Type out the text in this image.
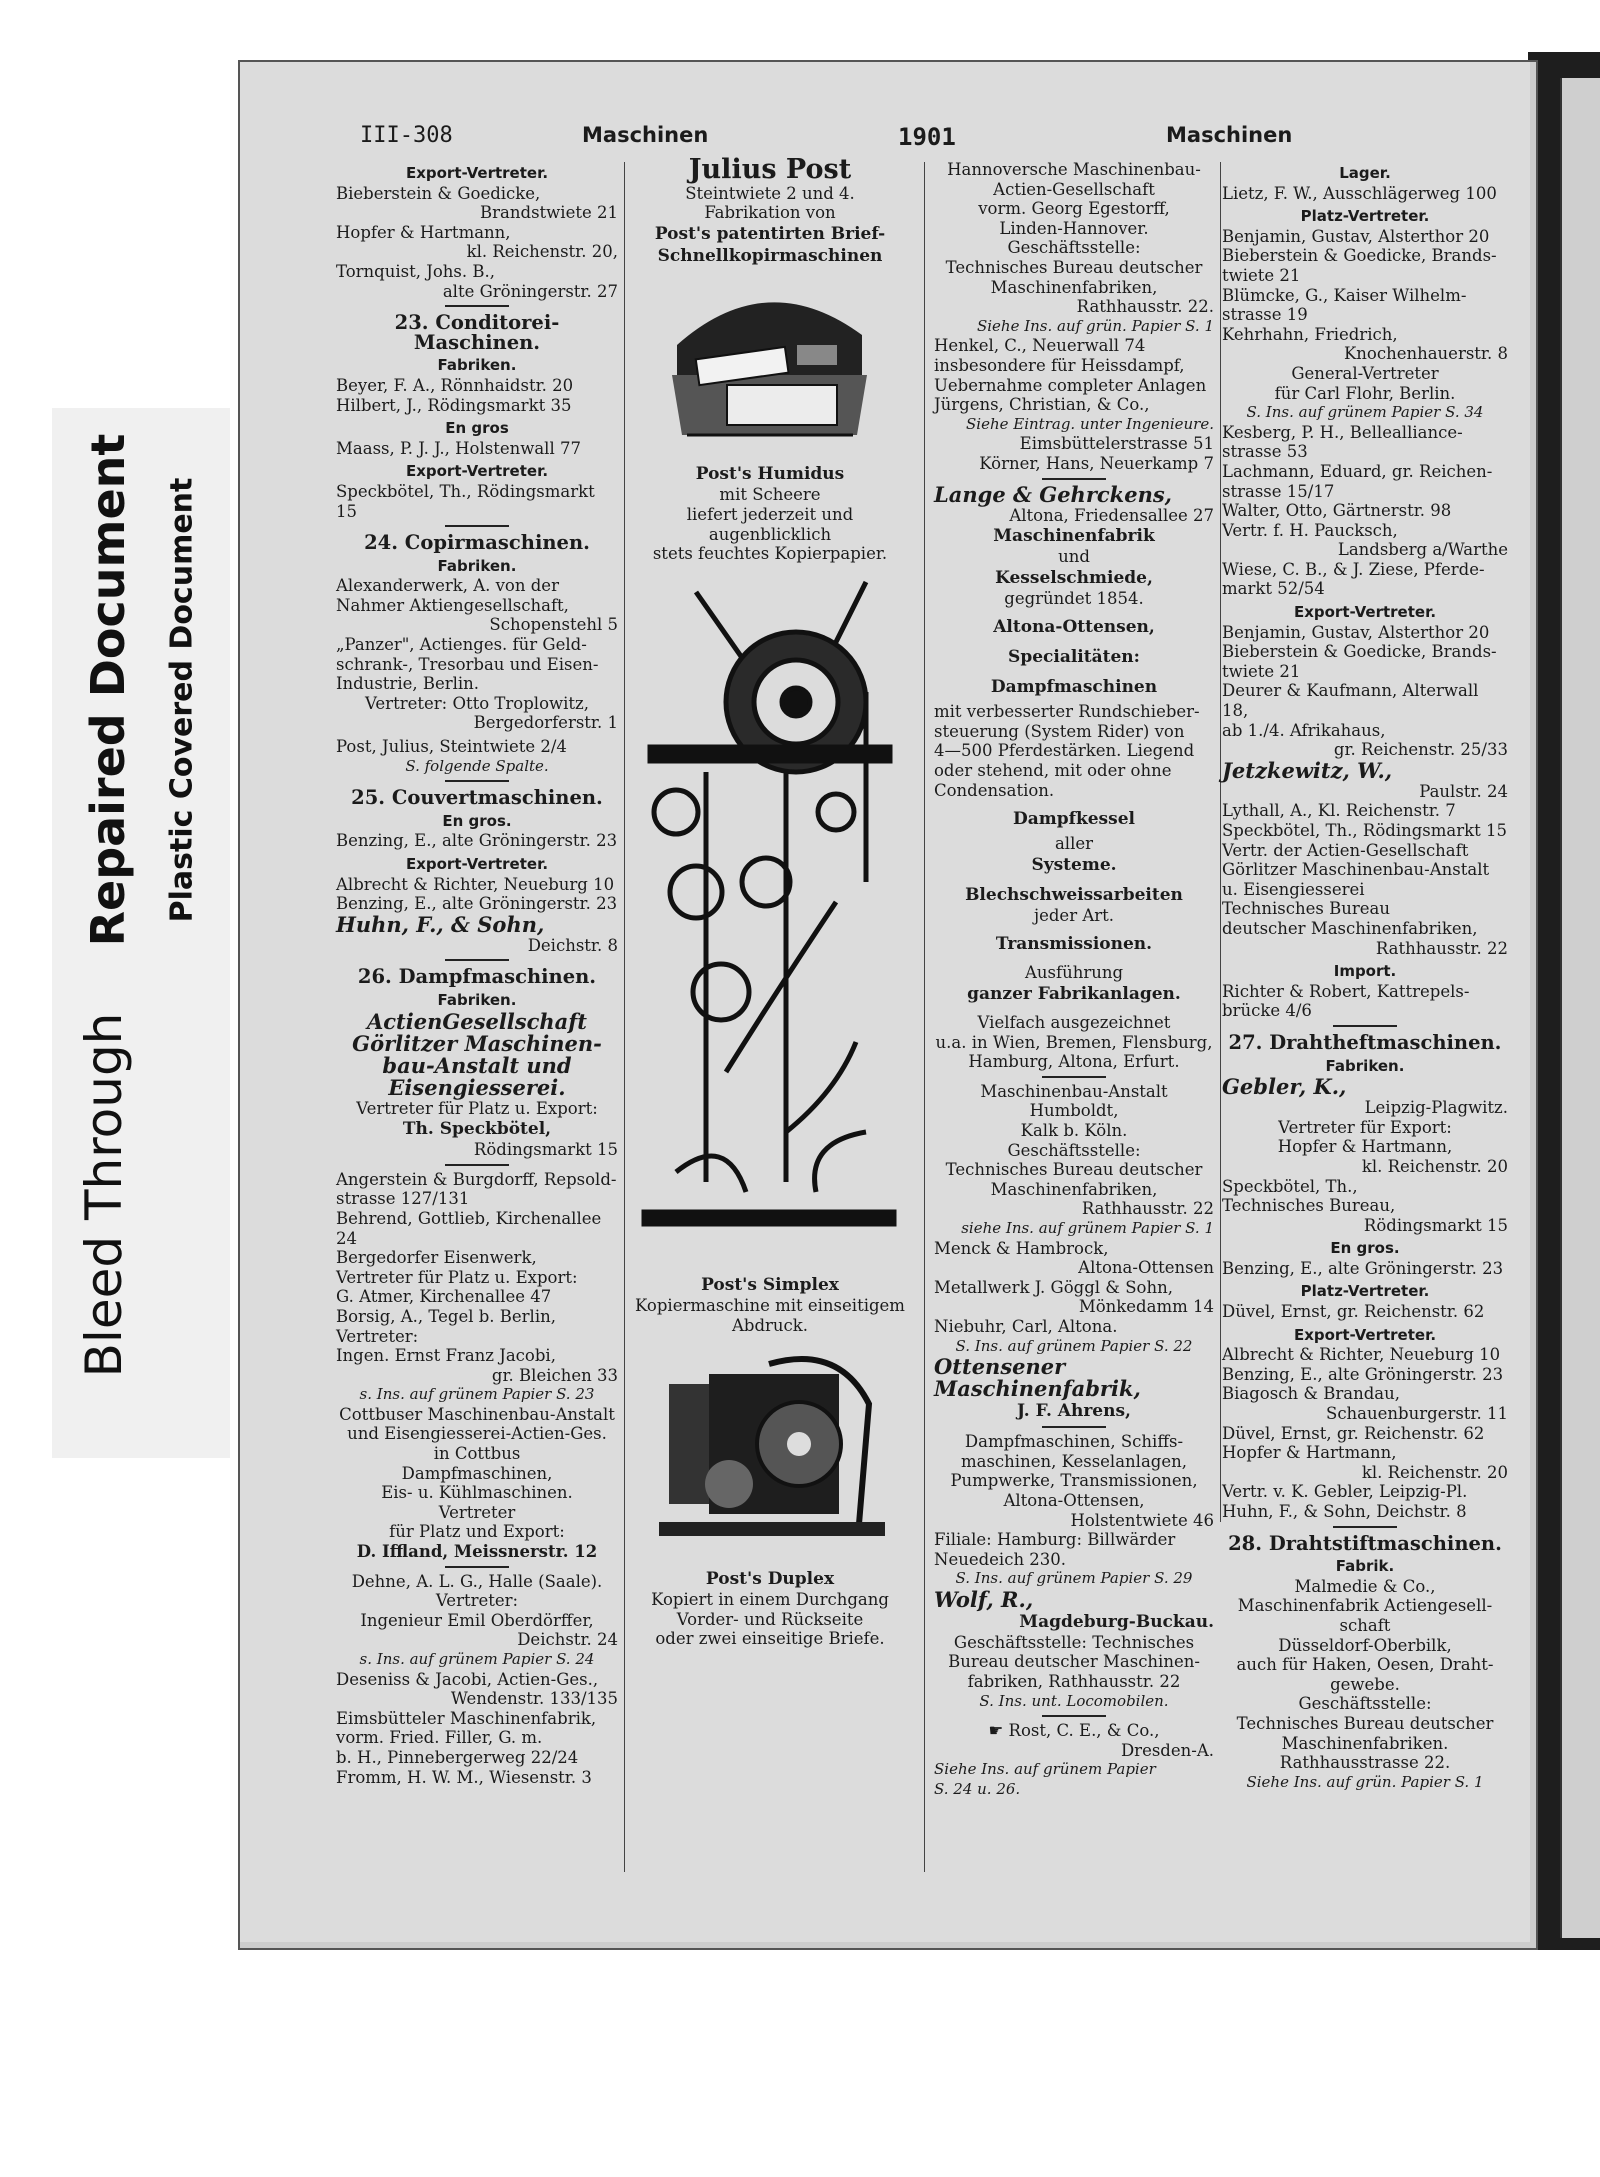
Bleed Through
Repaired Document Plastic Covered Document
III-308	Maschinen	1901	Maschinen

Export-Vertreter.

Bieberstein & Goedicke,

Brandstwiete 21

Hopfer & Hartmann,

kl. Reichenstr. 20,

Tornquist, Johs. B.,

alte Gröningerstr. 27

23. Conditorei-Maschinen.

Fabriken.

Beyer, F. A., Rönnhaidstr. 20

Hilbert, J., Rödingsmarkt 35

En gros

Maass, P. J. J., Holstenwall 77

Export-Vertreter.

Speckbötel, Th., Rödingsmarkt 15

24. Copirmaschinen.

Fabriken.

Alexanderwerk, A. von der
Nahmer Aktiengesellschaft,

Schopenstehl 5

„Panzer", Actienges. für Geld-
schrank-, Tresorbau und Eisen-
Industrie, Berlin.

Vertreter: Otto Troplowitz,

Bergedorferstr. 1

Post, Julius, Steintwiete 2/4

S. folgende Spalte.

25. Couvertmaschinen.

En gros.

Benzing, E., alte Gröningerstr. 23

Export-Vertreter.

Albrecht & Richter, Neueburg 10
Benzing, E., alte Gröningerstr. 23

Huhn, F., & Sohn,

Deichstr. 8

26. Dampfmaschinen.

Fabriken.

ActienGesellschaft
Görlitzer Maschinen-
bau-Anstalt und
Eisengiesserei.

Vertreter für Platz u. Export:

Th. Speckbötel,

Rödingsmarkt 15

Angerstein & Burgdorff, Repsold-
strasse 127/131
Behrend, Gottlieb, Kirchenallee 24
Bergedorfer Eisenwerk,
Vertreter für Platz u. Export:
G. Atmer, Kirchenallee 47
Borsig, A., Tegel b. Berlin,
Vertreter:
Ingen. Ernst Franz Jacobi,

gr. Bleichen 33

s. Ins. auf grünem Papier S. 23

Cottbuser Maschinenbau-Anstalt
und Eisengiesserei-Actien-Ges.
in Cottbus
Dampfmaschinen,
Eis- u. Kühlmaschinen.
Vertreter
für Platz und Export:

D. Iffland, Meissnerstr. 12

Dehne, A. L. G., Halle (Saale).
Vertreter:
Ingenieur Emil Oberdörffer,

Deichstr. 24

s. Ins. auf grünem Papier S. 24

Deseniss & Jacobi, Actien-Ges.,

Wendenstr. 133/135

Eimsbütteler Maschinenfabrik,
vorm. Fried. Filler, G. m.
b. H., Pinnebergerweg 22/24
Fromm, H. W. M., Wiesenstr. 3

Julius Post

Steintwiete 2 und 4.

Fabrikation von

Post's patentirten Brief-
Schnellkopirmaschinen

Post's Humidus

mit Scheere
liefert jederzeit und augenblicklich
stets feuchtes Kopierpapier.

Post's Simplex

Kopiermaschine mit einseitigem
Abdruck.

Post's Duplex

Kopiert in einem Durchgang
Vorder- und Rückseite
oder zwei einseitige Briefe.

Hannoversche Maschinenbau-
Actien-Gesellschaft
vorm. Georg Egestorff,
Linden-Hannover.
Geschäftsstelle:
Technisches Bureau deutscher
Maschinenfabriken,

Rathhausstr. 22.

Siehe Ins. auf grün. Papier S. 1

Henkel, C., Neuerwall 74
insbesondere für Heissdampf,
Uebernahme completer Anlagen
Jürgens, Christian, & Co.,

Siehe Eintrag. unter Ingenieure.

Eimsbüttelerstrasse 51
Körner, Hans, Neuerkamp 7

Lange & Gehrckens,

Altona, Friedensallee 27

Maschinenfabrik

und

Kesselschmiede,

gegründet 1854.

Altona-Ottensen,

Specialitäten:

Dampfmaschinen

mit verbesserter Rundschieber-
steuerung (System Rider) von
4—500 Pferdestärken. Liegend
oder stehend, mit oder ohne
Condensation.

Dampfkessel

aller

Systeme.

Blechschweissarbeiten

jeder Art.

Transmissionen.

Ausführung

ganzer Fabrikanlagen.

Vielfach ausgezeichnet
u.a. in Wien, Bremen, Flensburg,
Hamburg, Altona, Erfurt.

Maschinenbau-Anstalt Humboldt,
Kalk b. Köln.
Geschäftsstelle:
Technisches Bureau deutscher
Maschinenfabriken,

Rathhausstr. 22

siehe Ins. auf grünem Papier S. 1

Menck & Hambrock,

Altona-Ottensen

Metallwerk J. Göggl & Sohn,

Mönkedamm 14

Niebuhr, Carl, Altona.

S. Ins. auf grünem Papier S. 22

Ottensener
Maschinenfabrik,

J. F. Ahrens,

Dampfmaschinen, Schiffs-
maschinen, Kesselanlagen,
Pumpwerke, Transmissionen,
Altona-Ottensen,

Holstentwiete 46

Filiale: Hamburg: Billwärder
Neuedeich 230.

S. Ins. auf grünem Papier S. 29

Wolf, R.,

Magdeburg-Buckau.

Geschäftsstelle: Technisches
Bureau deutscher Maschinen-
fabriken, Rathhausstr. 22

S. Ins. unt. Locomobilen.

☛ Rost, C. E., & Co.,

Dresden-A.

Siehe Ins. auf grünem Papier
S. 24 u. 26.

Lager.

Lietz, F. W., Ausschlägerweg 100

Platz-Vertreter.

Benjamin, Gustav, Alsterthor 20
Bieberstein & Goedicke, Brands-
twiete 21
Blümcke, G., Kaiser Wilhelm-
strasse 19
Kehrhahn, Friedrich,

Knochenhauerstr. 8

General-Vertreter
für Carl Flohr, Berlin.

S. Ins. auf grünem Papier S. 34

Kesberg, P. H., Bellealliance-
strasse 53
Lachmann, Eduard, gr. Reichen-
strasse 15/17
Walter, Otto, Gärtnerstr. 98
Vertr. f. H. Paucksch,

Landsberg a/Warthe

Wiese, C. B., & J. Ziese, Pferde-
markt 52/54

Export-Vertreter.

Benjamin, Gustav, Alsterthor 20
Bieberstein & Goedicke, Brands-
twiete 21
Deurer & Kaufmann, Alterwall 18,
ab 1./4. Afrikahaus,

gr. Reichenstr. 25/33

Jetzkewitz, W.,

Paulstr. 24

Lythall, A., Kl. Reichenstr. 7
Speckbötel, Th., Rödingsmarkt 15
Vertr. der Actien-Gesellschaft
Görlitzer Maschinenbau-Anstalt
u. Eisengiesserei
Technisches Bureau
deutscher Maschinenfabriken,

Rathhausstr. 22

Import.

Richter & Robert, Kattrepels-
brücke 4/6

27. Drahtheftmaschinen.

Fabriken.

Gebler, K.,

Leipzig-Plagwitz.

Vertreter für Export:
Hopfer & Hartmann,

kl. Reichenstr. 20

Speckbötel, Th.,
Technisches Bureau,

Rödingsmarkt 15

En gros.

Benzing, E., alte Gröningerstr. 23

Platz-Vertreter.

Düvel, Ernst, gr. Reichenstr. 62

Export-Vertreter.

Albrecht & Richter, Neueburg 10
Benzing, E., alte Gröningerstr. 23
Biagosch & Brandau,

Schauenburgerstr. 11

Düvel, Ernst, gr. Reichenstr. 62
Hopfer & Hartmann,

kl. Reichenstr. 20

Vertr. v. K. Gebler, Leipzig-Pl.
Huhn, F., & Sohn, Deichstr. 8

28. Drahtstiftmaschinen.

Fabrik.

Malmedie & Co.,
Maschinenfabrik Actiengesell-
schaft
Düsseldorf-Oberbilk,
auch für Haken, Oesen, Draht-
gewebe.
Geschäftsstelle:
Technisches Bureau deutscher
Maschinenfabriken.
Rathhausstrasse 22.

Siehe Ins. auf grün. Papier S. 1
